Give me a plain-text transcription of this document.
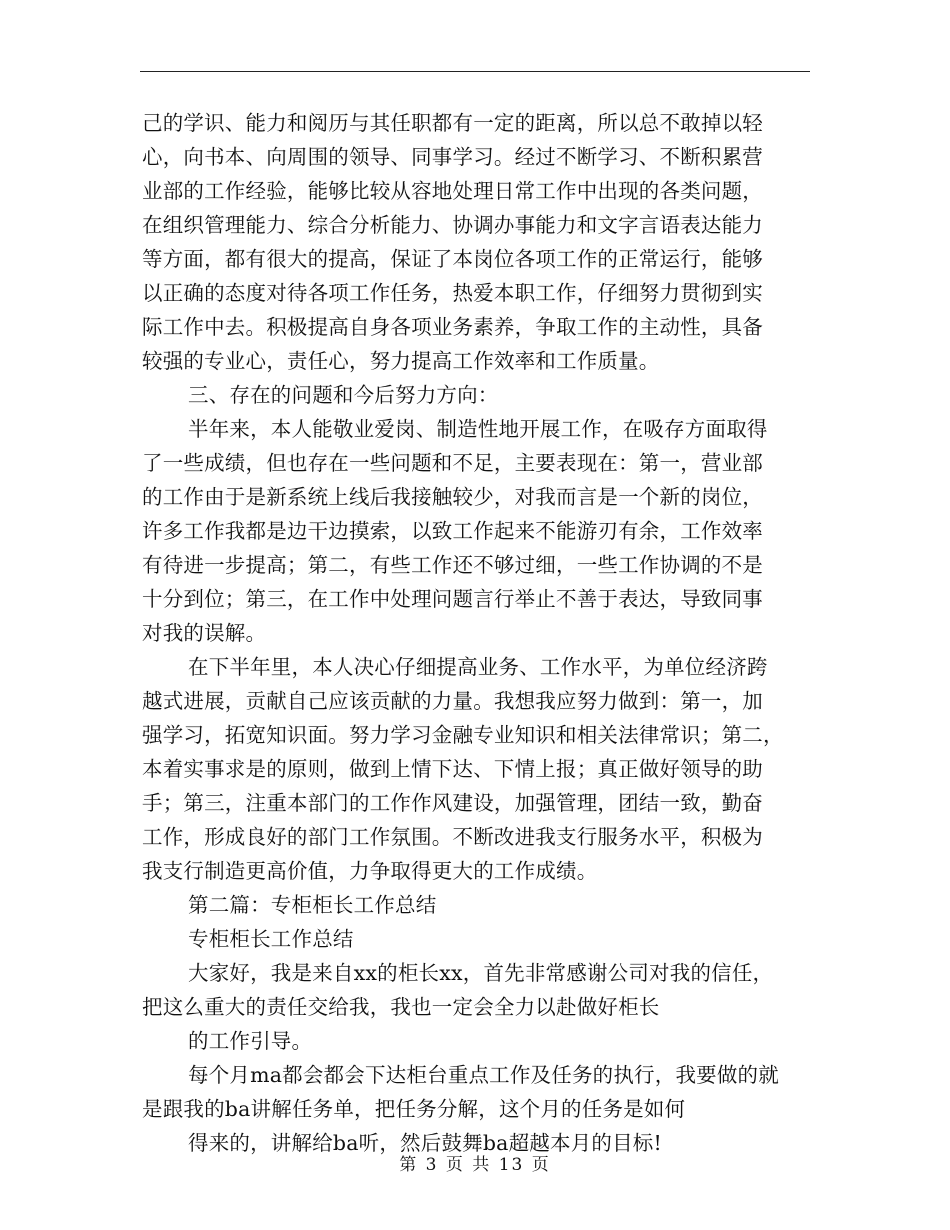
己的学识、能力和阅历与其任职都有一定的距离，所以总不敢掉以轻
心，向书本、向周围的领导、同事学习。经过不断学习、不断积累营
业部的工作经验，能够比较从容地处理日常工作中出现的各类问题，
在组织管理能力、综合分析能力、协调办事能力和文字言语表达能力
等方面，都有很大的提高，保证了本岗位各项工作的正常运行，能够
以正确的态度对待各项工作任务，热爱本职工作，仔细努力贯彻到实
际工作中去。积极提高自身各项业务素养，争取工作的主动性，具备
较强的专业心，责任心，努力提高工作效率和工作质量。
三、存在的问题和今后努力方向：
半年来，本人能敬业爱岗、制造性地开展工作，在吸存方面取得
了一些成绩，但也存在一些问题和不足，主要表现在：第一，营业部
的工作由于是新系统上线后我接触较少，对我而言是一个新的岗位，
许多工作我都是边干边摸索，以致工作起来不能游刃有余，工作效率
有待进一步提高；第二，有些工作还不够过细，一些工作协调的不是
十分到位；第三，在工作中处理问题言行举止不善于表达，导致同事
对我的误解。
在下半年里，本人决心仔细提高业务、工作水平，为单位经济跨
越式进展，贡献自己应该贡献的力量。我想我应努力做到：第一，加
强学习，拓宽知识面。努力学习金融专业知识和相关法律常识；第二，
本着实事求是的原则，做到上情下达、下情上报；真正做好领导的助
手；第三，注重本部门的工作作风建设，加强管理，团结一致，勤奋
工作，形成良好的部门工作氛围。不断改进我支行服务水平，积极为
我支行制造更高价值，力争取得更大的工作成绩。
第二篇：专柜柜长工作总结
专柜柜长工作总结
大家好，我是来自xx的柜长xx，首先非常感谢公司对我的信任，
把这么重大的责任交给我，我也一定会全力以赴做好柜长
的工作引导。
每个月ma都会都会下达柜台重点工作及任务的执行，我要做的就
是跟我的ba讲解任务单，把任务分解，这个月的任务是如何
得来的，讲解给ba听，然后鼓舞ba超越本月的目标!
第 3 页 共 13 页
